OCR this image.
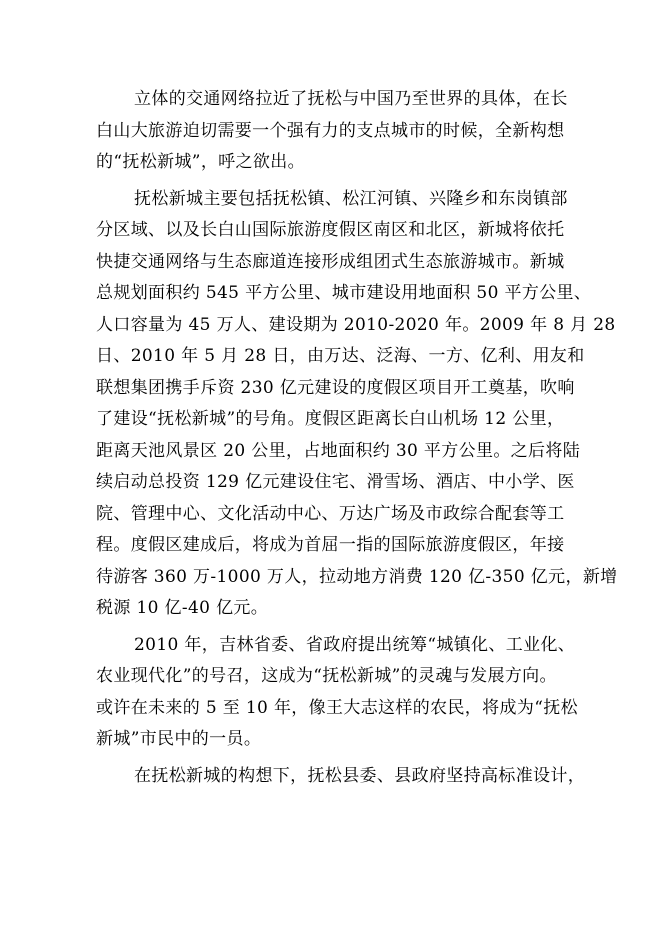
立体的交通网络拉近了抚松与中国乃至世界的具体，在长
白山大旅游迫切需要一个强有力的支点城市的时候，全新构想
的“抚松新城”，呼之欲出。

抚松新城主要包括抚松镇、松江河镇、兴隆乡和东岗镇部
分区域、以及长白山国际旅游度假区南区和北区，新城将依托
快捷交通网络与生态廊道连接形成组团式生态旅游城市。新城
总规划面积约 545 平方公里、城市建设用地面积 50 平方公里、
人口容量为 45 万人、建设期为 2010-2020 年。2009 年 8 月 28
日、2010 年 5 月 28 日，由万达、泛海、一方、亿利、用友和
联想集团携手斥资 230 亿元建设的度假区项目开工奠基，吹响
了建设“抚松新城”的号角。度假区距离长白山机场 12 公里，
距离天池风景区 20 公里，占地面积约 30 平方公里。之后将陆
续启动总投资 129 亿元建设住宅、滑雪场、酒店、中小学、医
院、管理中心、文化活动中心、万达广场及市政综合配套等工
程。度假区建成后，将成为首屈一指的国际旅游度假区，年接
待游客 360 万-1000 万人，拉动地方消费 120 亿-350 亿元，新增
税源 10 亿-40 亿元。

2010 年，吉林省委、省政府提出统筹“城镇化、工业化、
农业现代化”的号召，这成为“抚松新城”的灵魂与发展方向。
或许在未来的 5 至 10 年，像王大志这样的农民，将成为“抚松
新城”市民中的一员。

在抚松新城的构想下，抚松县委、县政府坚持高标准设计，
